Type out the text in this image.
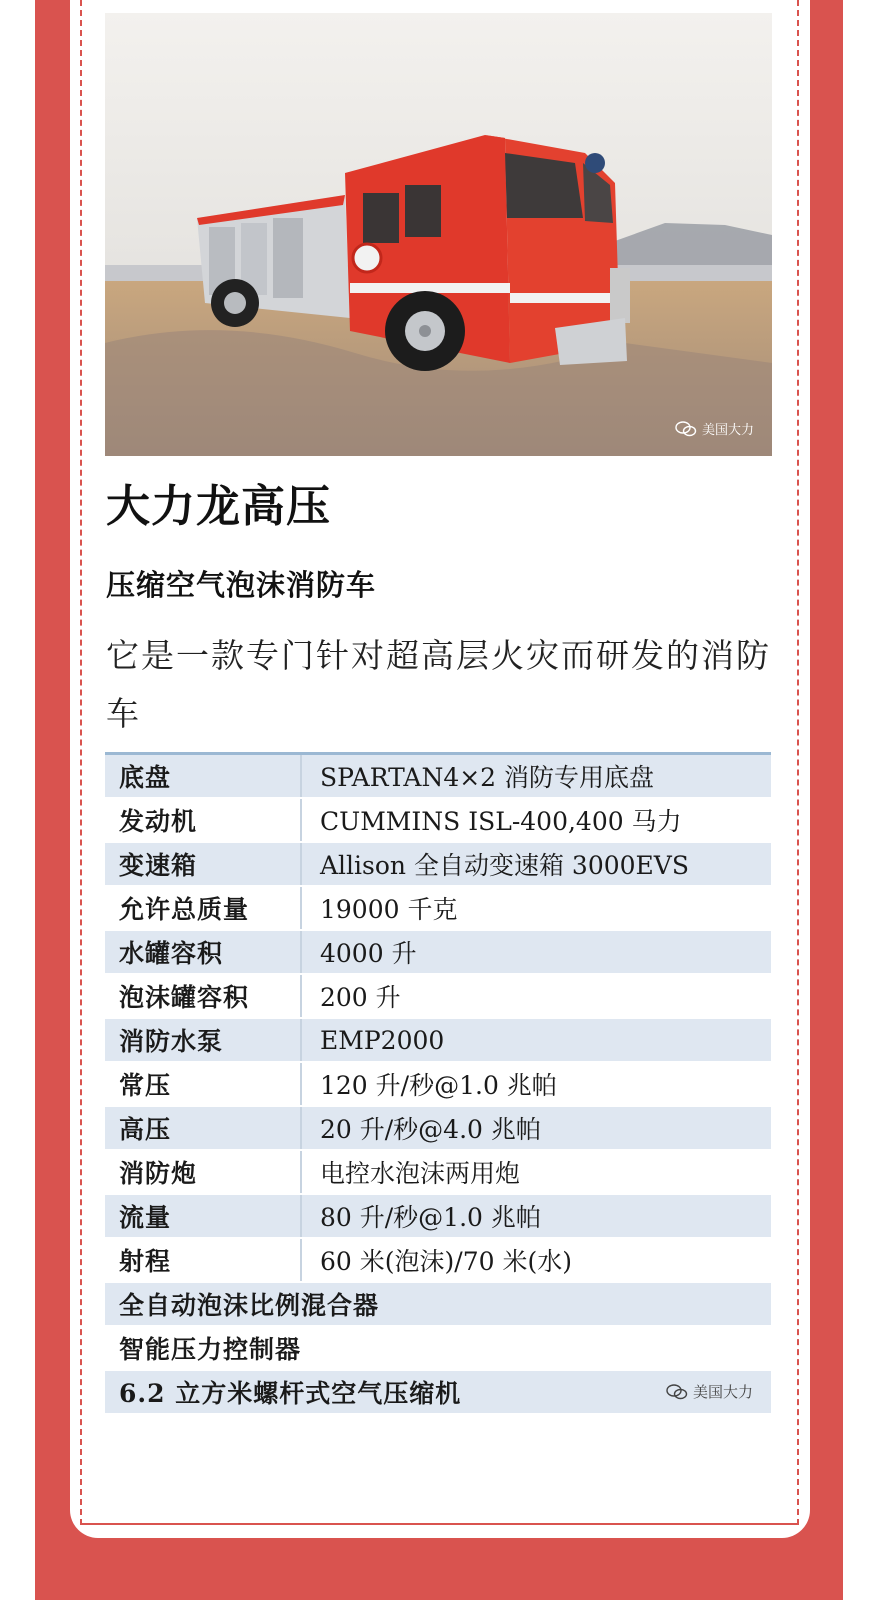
美国大力
大力龙高压
压缩空气泡沫消防车
它是一款专门针对超高层火灾而研发的消防车
底盘	SPARTAN4×2 消防专用底盘
发动机	CUMMINS ISL-400,400 马力
变速箱	Allison 全自动变速箱 3000EVS
允许总质量	19000 千克
水罐容积	4000 升
泡沫罐容积	200 升
消防水泵	EMP2000
常压	120 升/秒@1.0 兆帕
高压	20 升/秒@4.0 兆帕
消防炮	电控水泡沫两用炮
流量	80 升/秒@1.0 兆帕
射程	60 米(泡沫)/70 米(水)
全自动泡沫比例混合器	
智能压力控制器	
6.2 立方米螺杆式空气压缩机 美国大力	
